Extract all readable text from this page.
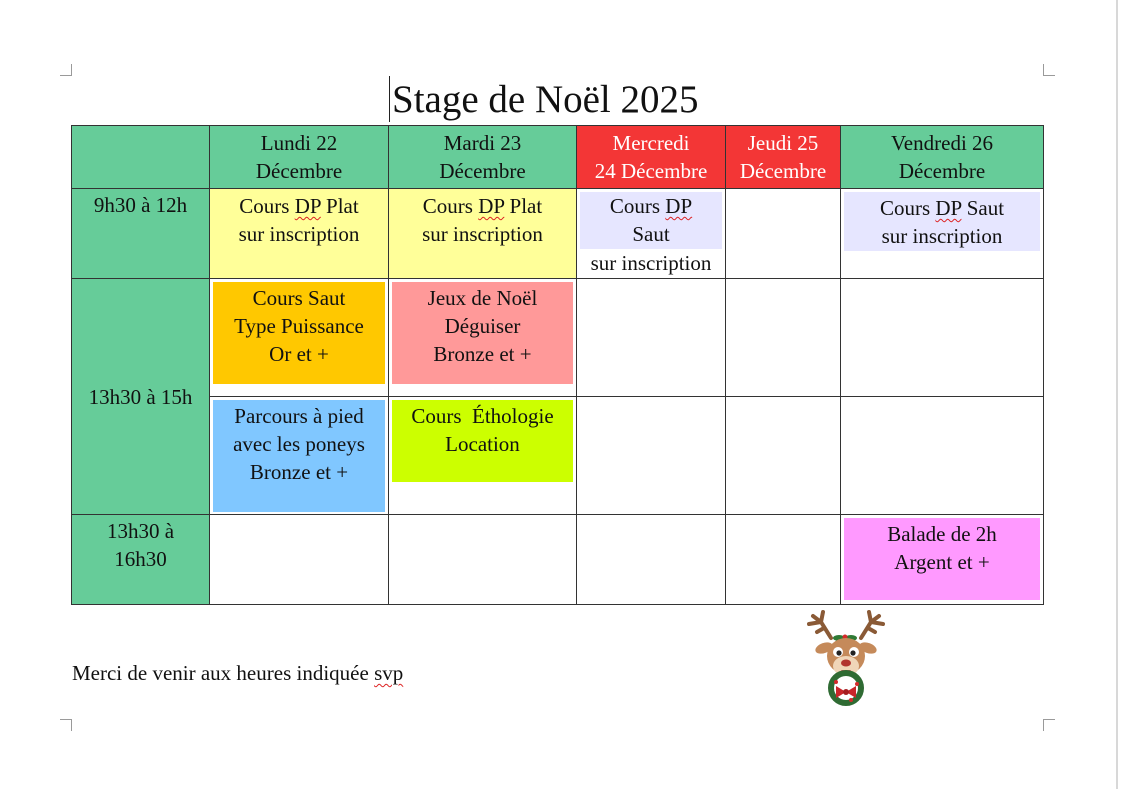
Stage de Noël 2025

	Lundi 22
Décembre	Mardi 23
Décembre	Mercredi
24 Décembre	Jeudi 25
Décembre	Vendredi 26
Décembre

9h30 à 12h	Cours DP Plat
sur inscription	Cours DP Plat
sur inscription	Cours DP
Saut
sur inscription		Cours DP Saut
sur inscription

13h30 à 15h	Cours Saut
Type Puissance
Or et +	Jeux de Noël
Déguiser
Bronze et +			

	Parcours à pied
avec les poneys
Bronze et +	Cours  Éthologie
Location			

13h30 à
16h30					Balade de 2h
Argent et +
Merci de venir aux heures indiquée svp
